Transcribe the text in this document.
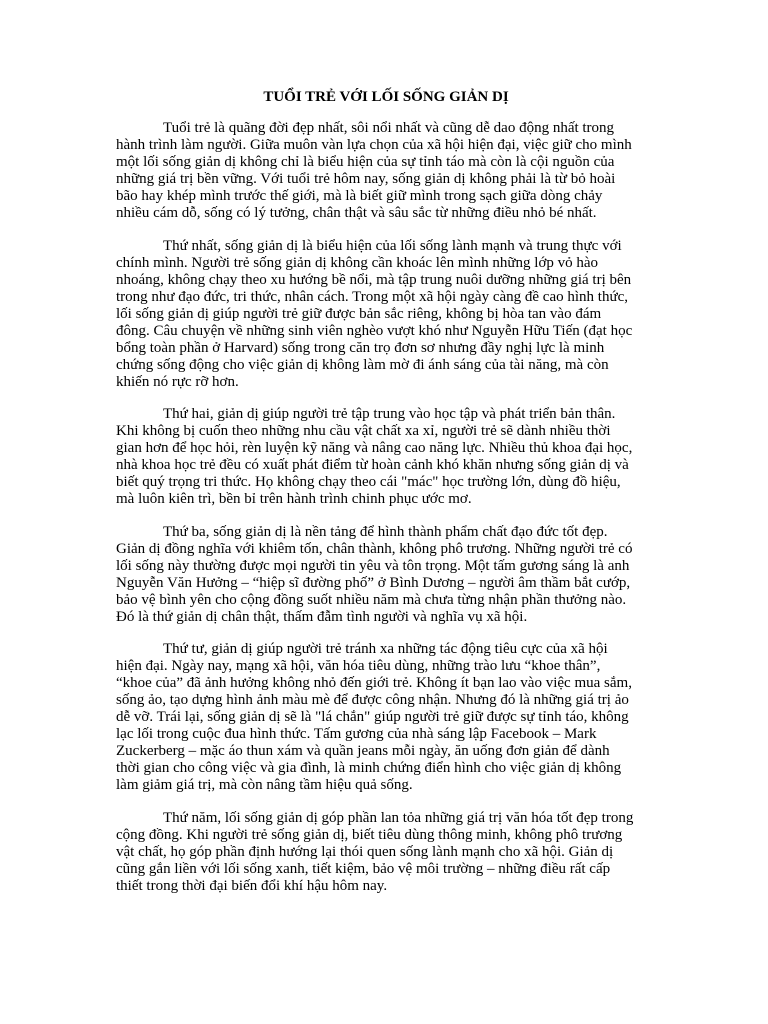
TUỔI TRẺ VỚI LỐI SỐNG GIẢN DỊ
Tuổi trẻ là quãng đời đẹp nhất, sôi nổi nhất và cũng dễ dao động nhất trong
hành trình làm người. Giữa muôn vàn lựa chọn của xã hội hiện đại, việc giữ cho mình
một lối sống giản dị không chỉ là biểu hiện của sự tỉnh táo mà còn là cội nguồn của
những giá trị bền vững. Với tuổi trẻ hôm nay, sống giản dị không phải là từ bỏ hoài
bão hay khép mình trước thế giới, mà là biết giữ mình trong sạch giữa dòng chảy
nhiều cám dỗ, sống có lý tưởng, chân thật và sâu sắc từ những điều nhỏ bé nhất.
Thứ nhất, sống giản dị là biểu hiện của lối sống lành mạnh và trung thực với
chính mình. Người trẻ sống giản dị không cần khoác lên mình những lớp vỏ hào
nhoáng, không chạy theo xu hướng bề nổi, mà tập trung nuôi dưỡng những giá trị bên
trong như đạo đức, tri thức, nhân cách. Trong một xã hội ngày càng đề cao hình thức,
lối sống giản dị giúp người trẻ giữ được bản sắc riêng, không bị hòa tan vào đám
đông. Câu chuyện về những sinh viên nghèo vượt khó như Nguyễn Hữu Tiến (đạt học
bổng toàn phần ở Harvard) sống trong căn trọ đơn sơ nhưng đầy nghị lực là minh
chứng sống động cho việc giản dị không làm mờ đi ánh sáng của tài năng, mà còn
khiến nó rực rỡ hơn.
Thứ hai, giản dị giúp người trẻ tập trung vào học tập và phát triển bản thân.
Khi không bị cuốn theo những nhu cầu vật chất xa xỉ, người trẻ sẽ dành nhiều thời
gian hơn để học hỏi, rèn luyện kỹ năng và nâng cao năng lực. Nhiều thủ khoa đại học,
nhà khoa học trẻ đều có xuất phát điểm từ hoàn cảnh khó khăn nhưng sống giản dị và
biết quý trọng tri thức. Họ không chạy theo cái "mác" học trường lớn, dùng đồ hiệu,
mà luôn kiên trì, bền bỉ trên hành trình chinh phục ước mơ.
Thứ ba, sống giản dị là nền tảng để hình thành phẩm chất đạo đức tốt đẹp.
Giản dị đồng nghĩa với khiêm tốn, chân thành, không phô trương. Những người trẻ có
lối sống này thường được mọi người tin yêu và tôn trọng. Một tấm gương sáng là anh
Nguyễn Văn Hưởng – “hiệp sĩ đường phố” ở Bình Dương – người âm thầm bắt cướp,
bảo vệ bình yên cho cộng đồng suốt nhiều năm mà chưa từng nhận phần thưởng nào.
Đó là thứ giản dị chân thật, thấm đẫm tình người và nghĩa vụ xã hội.
Thứ tư, giản dị giúp người trẻ tránh xa những tác động tiêu cực của xã hội
hiện đại. Ngày nay, mạng xã hội, văn hóa tiêu dùng, những trào lưu “khoe thân”,
“khoe của” đã ảnh hưởng không nhỏ đến giới trẻ. Không ít bạn lao vào việc mua sắm,
sống ảo, tạo dựng hình ảnh màu mè để được công nhận. Nhưng đó là những giá trị ảo
dễ vỡ. Trái lại, sống giản dị sẽ là "lá chắn" giúp người trẻ giữ được sự tỉnh táo, không
lạc lối trong cuộc đua hình thức. Tấm gương của nhà sáng lập Facebook – Mark
Zuckerberg – mặc áo thun xám và quần jeans mỗi ngày, ăn uống đơn giản để dành
thời gian cho công việc và gia đình, là minh chứng điển hình cho việc giản dị không
làm giảm giá trị, mà còn nâng tầm hiệu quả sống.
Thứ năm, lối sống giản dị góp phần lan tỏa những giá trị văn hóa tốt đẹp trong
cộng đồng. Khi người trẻ sống giản dị, biết tiêu dùng thông minh, không phô trương
vật chất, họ góp phần định hướng lại thói quen sống lành mạnh cho xã hội. Giản dị
cũng gắn liền với lối sống xanh, tiết kiệm, bảo vệ môi trường – những điều rất cấp
thiết trong thời đại biến đổi khí hậu hôm nay.
